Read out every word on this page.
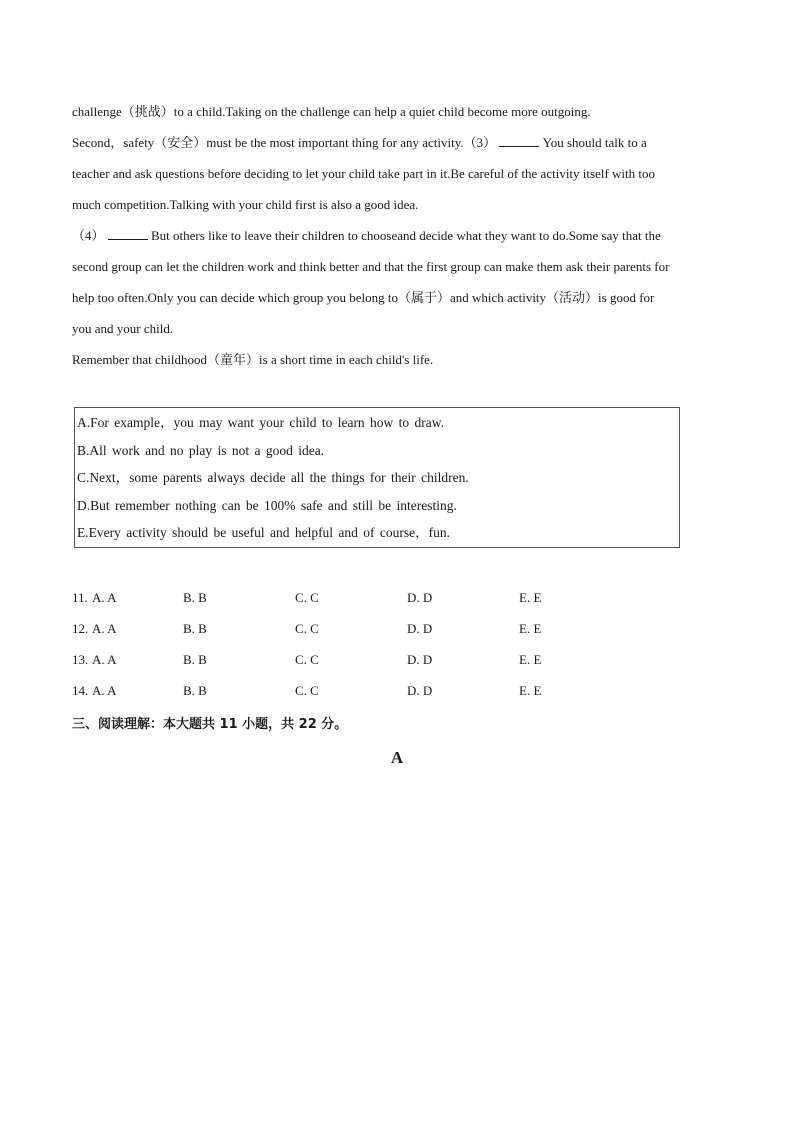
challenge（挑战）to a child.Taking on the challenge can help a quiet child become more outgoing.
Second，safety（安全）must be the most important thing for any activity.（3）	You should talk to a
teacher and ask questions before deciding to let your child take part in it.Be careful of the activity itself with too
much competition.Talking with your child first is also a good idea.
（4）	But others like to leave their children to chooseand decide what they want to do.Some say that the
second group can let the children work and think better and that the first group can make them ask their parents for
help too often.Only you can decide which group you belong to（属于）and which activity（活动）is good for
you and your child.
Remember that childhood（童年）is a short time in each child's life.
A.For example，you may want your child to learn how to draw.
B.All work and no play is not a good idea.
C.Next，some parents always decide all the things for their children.
D.But remember nothing can be 100% safe and still be interesting.
E.Every activity should be useful and helpful and of course，fun.
11. A. A	B. B	C. C	D. D	E. E
12. A. A	B. B	C. C	D. D	E. E
13. A. A	B. B	C. C	D. D	E. E
14. A. A	B. B	C. C	D. D	E. E
三、阅读理解：本大题共 11 小题，共 22 分。
A
